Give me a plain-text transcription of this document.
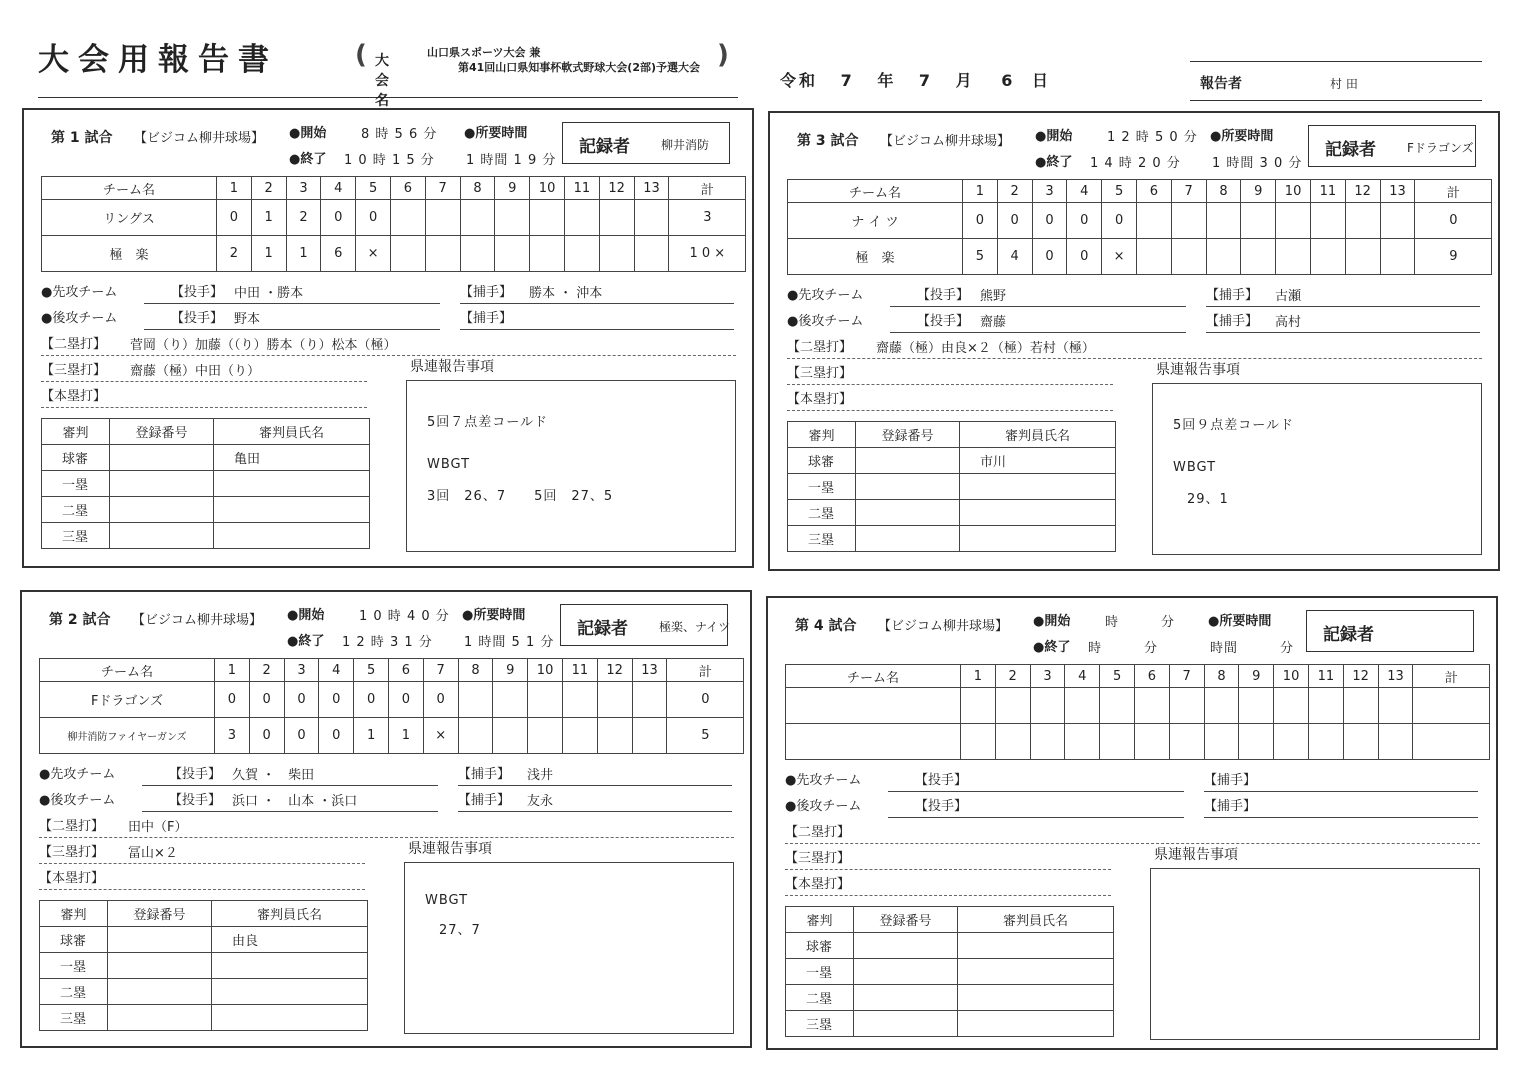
大会用報告書	( 大会名
山口県スポーツ大会 兼
第41回山口県知事杯軟式野球大会(2部)予選大会 )
令和 7 年 7 月 6 日	報告者	村 田
第 1 試合 【ビジコム柳井球場】 ●開始	8 時 5 6 分
●終了 1 0 時 1 5 分
●所要時間
1 時間 1 9 分
記録者	柳井消防
チーム名	1	2	3	4	5	6	7	8	9	10	11	12	13	計
リングス	0	1	2	0	0									3
極　楽	2	1	1	6	×									1 0 ×
●先攻チーム	【投手】 中田 ・勝本	【捕手】 勝本 ・ 沖本
●後攻チーム	【投手】 野本	【捕手】
【二塁打】 菅岡（り）加藤（（り）勝本（り）松本（極）
【三塁打】 齋藤（極）中田（り）
【本塁打】
審判	登録番号	審判員氏名
球審		亀田
一塁		
二塁		
三塁		
県連報告事項
5回７点差コールド
WBGT
3回　26、7　　5回　27、5
第 3 試合 【ビジコム柳井球場】 ●開始	1 2 時 5 0 分
●終了 1 4 時 2 0 分
●所要時間
1 時間 3 0 分
記録者	Fドラゴンズ
チーム名	1	2	3	4	5	6	7	8	9	10	11	12	13	計
ナ イ ツ	0	0	0	0	0									0
極　楽	5	4	0	0	×									9
●先攻チーム	【投手】 熊野	【捕手】 古瀬
●後攻チーム	【投手】 齋藤	【捕手】 高村
【二塁打】 齋藤（極）由良×２（極）若村（極）
【三塁打】
【本塁打】
審判	登録番号	審判員氏名
球審		市川
一塁		
二塁		
三塁		
県連報告事項
5回９点差コールド
WBGT
　29、1
第 2 試合 【ビジコム柳井球場】 ●開始	1 0 時 4 0 分
●終了 1 2 時 3 1 分
●所要時間
1 時間 5 1 分
記録者	極楽、ナイツ
チーム名	1	2	3	4	5	6	7	8	9	10	11	12	13	計
Fドラゴンズ	0	0	0	0	0	0	0							0
柳井消防ファイヤーガンズ	3	0	0	0	1	1	×							5
●先攻チーム	【投手】 久賀 ・　柴田	【捕手】 浅井
●後攻チーム	【投手】 浜口 ・　山本 ・浜口	【捕手】 友永
【二塁打】 田中（F）
【三塁打】 冨山×２
【本塁打】
審判	登録番号	審判員氏名
球審		由良
一塁		
二塁		
三塁		
県連報告事項
WBGT
　27、7
第 4 試合 【ビジコム柳井球場】 ●開始	時　　　分
●終了 時　　　分
●所要時間
時間　　　分
記録者
チーム名	1	2	3	4	5	6	7	8	9	10	11	12	13	計

●先攻チーム	【投手】	【捕手】
●後攻チーム	【投手】	【捕手】
【二塁打】
【三塁打】
【本塁打】
審判	登録番号	審判員氏名
球審		
一塁		
二塁		
三塁		
県連報告事項
